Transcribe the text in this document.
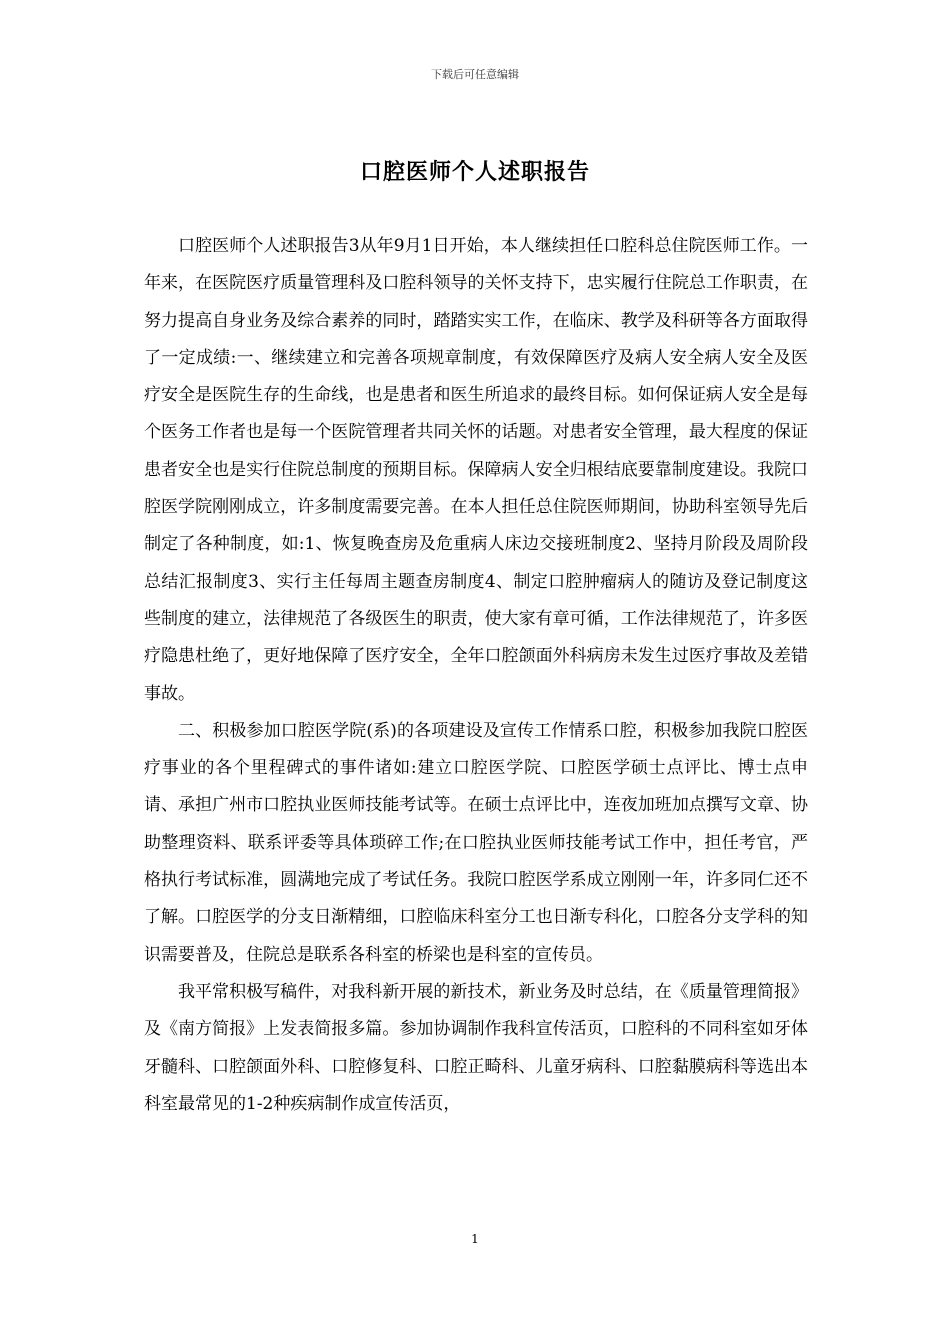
下载后可任意编辑
口腔医师个人述职报告

口腔医师个人述职报告3从年9月1日开始，本人继续担任口腔科总住院医师工作。一年来，在医院医疗质量管理科及口腔科领导的关怀支持下，忠实履行住院总工作职责，在努力提高自身业务及综合素养的同时，踏踏实实工作，在临床、教学及科研等各方面取得了一定成绩:一、继续建立和完善各项规章制度，有效保障医疗及病人安全病人安全及医疗安全是医院生存的生命线，也是患者和医生所追求的最终目标。如何保证病人安全是每个医务工作者也是每一个医院管理者共同关怀的话题。对患者安全管理，最大程度的保证患者安全也是实行住院总制度的预期目标。保障病人安全归根结底要靠制度建设。我院口腔医学院刚刚成立，许多制度需要完善。在本人担任总住院医师期间，协助科室领导先后制定了各种制度，如:1、恢复晚查房及危重病人床边交接班制度2、坚持月阶段及周阶段总结汇报制度3、实行主任每周主题查房制度4、制定口腔肿瘤病人的随访及登记制度这些制度的建立，法律规范了各级医生的职责，使大家有章可循，工作法律规范了，许多医疗隐患杜绝了，更好地保障了医疗安全，全年口腔颌面外科病房未发生过医疗事故及差错事故。

二、积极参加口腔医学院(系)的各项建设及宣传工作情系口腔，积极参加我院口腔医疗事业的各个里程碑式的事件诸如:建立口腔医学院、口腔医学硕士点评比、博士点申请、承担广州市口腔执业医师技能考试等。在硕士点评比中，连夜加班加点撰写文章、协助整理资料、联系评委等具体琐碎工作;在口腔执业医师技能考试工作中，担任考官，严格执行考试标准，圆满地完成了考试任务。我院口腔医学系成立刚刚一年，许多同仁还不了解。口腔医学的分支日渐精细，口腔临床科室分工也日渐专科化，口腔各分支学科的知识需要普及，住院总是联系各科室的桥梁也是科室的宣传员。

我平常积极写稿件，对我科新开展的新技术，新业务及时总结，在《质量管理简报》及《南方简报》上发表简报多篇。参加协调制作我科宣传活页，口腔科的不同科室如牙体牙髓科、口腔颌面外科、口腔修复科、口腔正畸科、儿童牙病科、口腔黏膜病科等选出本科室最常见的1-2种疾病制作成宣传活页，

1
